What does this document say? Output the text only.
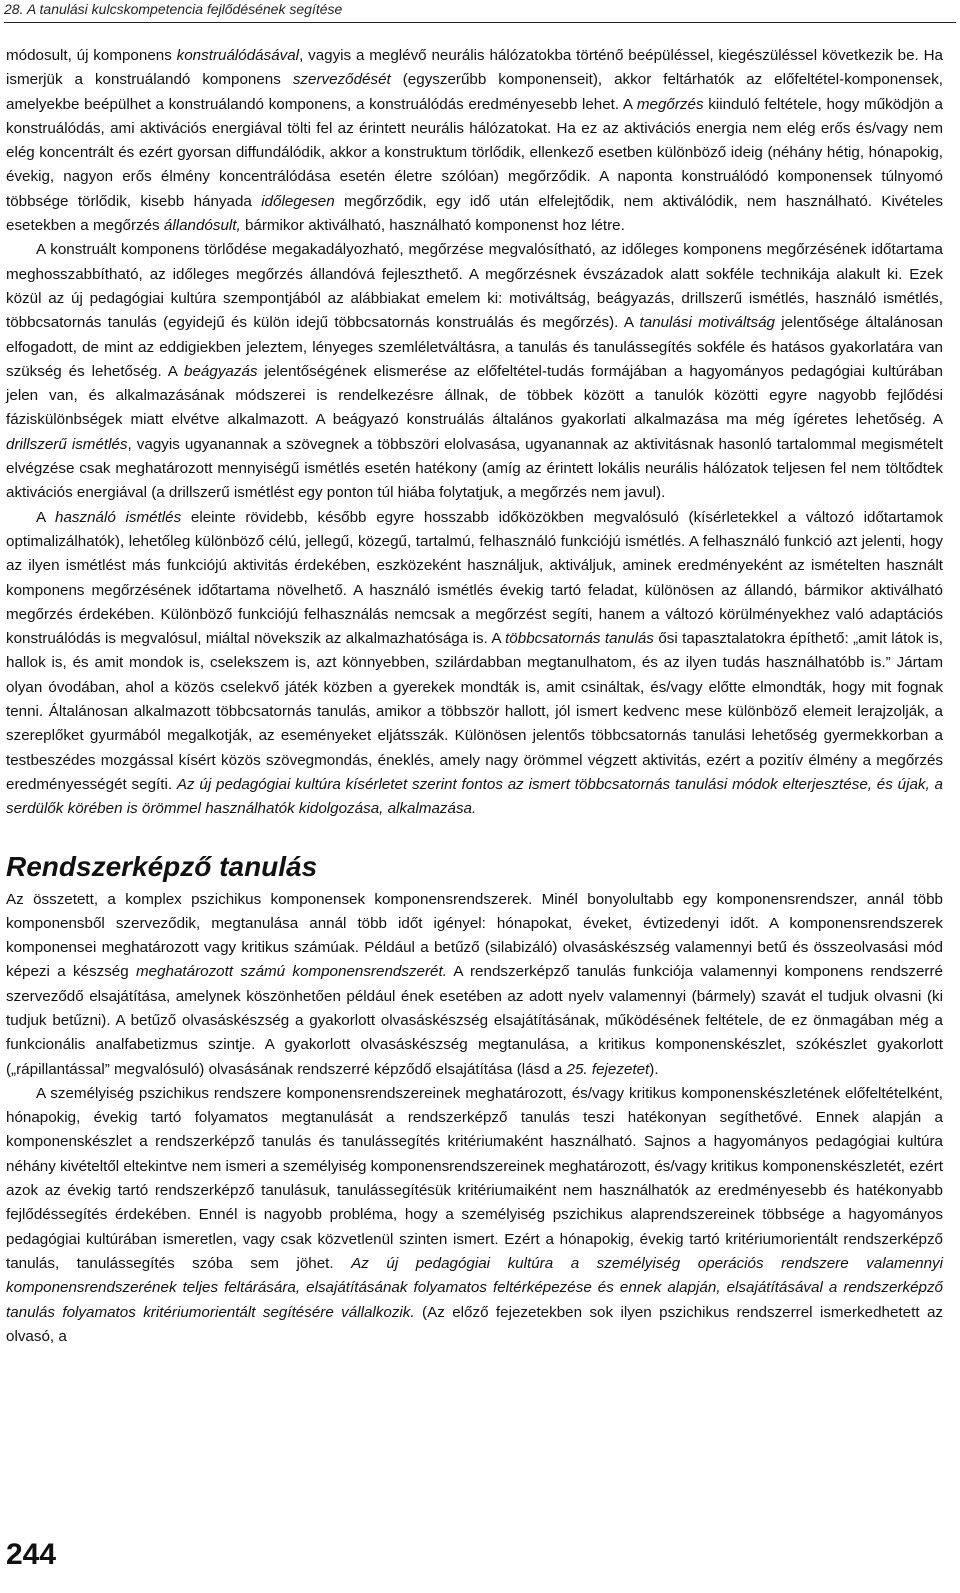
28. A tanulási kulcskompetencia fejlődésének segítése

módosult, új komponens konstruálódásával, vagyis a meglévő neurális hálózatokba történő beépüléssel, kiegészüléssel következik be. Ha ismerjük a konstruálandó komponens szerveződését (egyszerűbb komponenseit), akkor feltárhatók az előfeltétel-komponensek, amelyekbe beépülhet a konstruálandó komponens, a konstruálódás eredményesebb lehet. A megőrzés kiinduló feltétele, hogy működjön a konstruálódás, ami aktivációs energiával tölti fel az érintett neurális hálózatokat. Ha ez az aktivációs energia nem elég erős és/vagy nem elég koncentrált és ezért gyorsan diffundálódik, akkor a konstruktum törlődik, ellenkező esetben különböző ideig (néhány hétig, hónapokig, évekig, nagyon erős élmény koncentrálódása esetén életre szólóan) megőrződik. A naponta konstruálódó komponensek túlnyomó többsége törlődik, kisebb hányada időlegesen megőrződik, egy idő után elfelejtődik, nem aktiválódik, nem használható. Kivételes esetekben a megőrzés állandósult, bármikor aktiválható, használható komponenst hoz létre.

A konstruált komponens törlődése megakadályozható, megőrzése megvalósítható, az időleges komponens megőrzésének időtartama meghosszabbítható, az időleges megőrzés állandóvá fejleszthető. A megőrzésnek évszázadok alatt sokféle technikája alakult ki. Ezek közül az új pedagógiai kultúra szempontjából az alábbiakat emelem ki: motiváltság, beágyazás, drillszerű ismétlés, használó ismétlés, többcsatornás tanulás (egyidejű és külön idejű többcsatornás konstruálás és megőrzés). A tanulási motiváltság jelentősége általánosan elfogadott, de mint az eddigiekben jeleztem, lényeges szemléletváltásra, a tanulás és tanulássegítés sokféle és hatásos gyakorlatára van szükség és lehetőség. A beágyazás jelentőségének elismerése az előfeltétel-tudás formájában a hagyományos pedagógiai kultúrában jelen van, és alkalmazásának módszerei is rendelkezésre állnak, de többek között a tanulók közötti egyre nagyobb fejlődési fáziskülönbségek miatt elvétve alkalmazott. A beágyazó konstruálás általános gyakorlati alkalmazása ma még ígéretes lehetőség. A drillszerű ismétlés, vagyis ugyanannak a szövegnek a többszöri elolvasása, ugyanannak az aktivitásnak hasonló tartalommal megismételt elvégzése csak meghatározott mennyiségű ismétlés esetén hatékony (amíg az érintett lokális neurális hálózatok teljesen fel nem töltődtek aktivációs energiával (a drillszerű ismétlést egy ponton túl hiába folytatjuk, a megőrzés nem javul).

A használó ismétlés eleinte rövidebb, később egyre hosszabb időközökben megvalósuló (kísérletekkel a változó időtartamok optimalizálhatók), lehetőleg különböző célú, jellegű, közegű, tartalmú, felhasználó funkciójú ismétlés. A felhasználó funkció azt jelenti, hogy az ilyen ismétlést más funkciójú aktivitás érdekében, eszközeként használjuk, aktiváljuk, aminek eredményeként az ismételten használt komponens megőrzésének időtartama növelhető. A használó ismétlés évekig tartó feladat, különösen az állandó, bármikor aktiválható megőrzés érdekében. Különböző funkciójú felhasználás nemcsak a megőrzést segíti, hanem a változó körülményekhez való adaptációs konstruálódás is megvalósul, miáltal növekszik az alkalmazhatósága is. A többcsatornás tanulás ősi tapasztalatokra építhető: „amit látok is, hallok is, és amit mondok is, cselekszem is, azt könnyebben, szilárdabban megtanulhatom, és az ilyen tudás használhatóbb is.” Jártam olyan óvodában, ahol a közös cselekvő játék közben a gyerekek mondták is, amit csináltak, és/vagy előtte elmondták, hogy mit fognak tenni. Általánosan alkalmazott többcsatornás tanulás, amikor a többször hallott, jól ismert kedvenc mese különböző elemeit lerajzolják, a szereplőket gyurmából megalkotják, az eseményeket eljátsszák. Különösen jelentős többcsatornás tanulási lehetőség gyermekkorban a testbeszédes mozgással kísért közös szövegmondás, éneklés, amely nagy örömmel végzett aktivitás, ezért a pozitív élmény a megőrzés eredményességét segíti. Az új pedagógiai kultúra kísérletet szerint fontos az ismert többcsatornás tanulási módok elterjesztése, és újak, a serdülők körében is örömmel használhatók kidolgozása, alkalmazása.

Rendszerképző tanulás

Az összetett, a komplex pszichikus komponensek komponensrendszerek. Minél bonyolultabb egy komponensrendszer, annál több komponensből szerveződik, megtanulása annál több időt igényel: hónapokat, éveket, évtizedenyi időt. A komponensrendszerek komponensei meghatározott vagy kritikus számúak. Például a betűző (silabizáló) olvasáskészség valamennyi betű és összeolvasási mód képezi a készség meghatározott számú komponensrendszerét. A rendszerképző tanulás funkciója valamennyi komponens rendszerré szerveződő elsajátítása, amelynek köszönhetően például ének esetében az adott nyelv valamennyi (bármely) szavát el tudjuk olvasni (ki tudjuk betűzni). A betűző olvasáskészség a gyakorlott olvasáskészség elsajátításának, működésének feltétele, de ez önmagában még a funkcionális analfabetizmus szintje. A gyakorlott olvasáskészség megtanulása, a kritikus komponenskészlet, szókészlet gyakorlott („rápillantással” megvalósuló) olvasásának rendszerré képződő elsajátítása (lásd a 25. fejezetet).

A személyiség pszichikus rendszere komponensrendszereinek meghatározott, és/vagy kritikus komponenskészletének előfeltételként, hónapokig, évekig tartó folyamatos megtanulását a rendszerképző tanulás teszi hatékonyan segíthetővé. Ennek alapján a komponenskészlet a rendszerképző tanulás és tanulássegítés kritériumaként használható. Sajnos a hagyományos pedagógiai kultúra néhány kivételtől eltekintve nem ismeri a személyiség komponensrendszereinek meghatározott, és/vagy kritikus komponenskészletét, ezért azok az évekig tartó rendszerképző tanulásuk, tanulássegítésük kritériumaiként nem használhatók az eredményesebb és hatékonyabb fejlődéssegítés érdekében. Ennél is nagyobb probléma, hogy a személyiség pszichikus alaprendszereinek többsége a hagyományos pedagógiai kultúrában ismeretlen, vagy csak közvetlenül szinten ismert. Ezért a hónapokig, évekig tartó kritériumorientált rendszerképző tanulás, tanulássegítés szóba sem jöhet. Az új pedagógiai kultúra a személyiség operációs rendszere valamennyi komponensrendszerének teljes feltárására, elsajátításának folyamatos feltérképezése és ennek alapján, elsajátításával a rendszerképző tanulás folyamatos kritériumorientált segítésére vállalkozik. (Az előző fejezetekben sok ilyen pszichikus rendszerrel ismerkedhetett az olvasó, a

244
